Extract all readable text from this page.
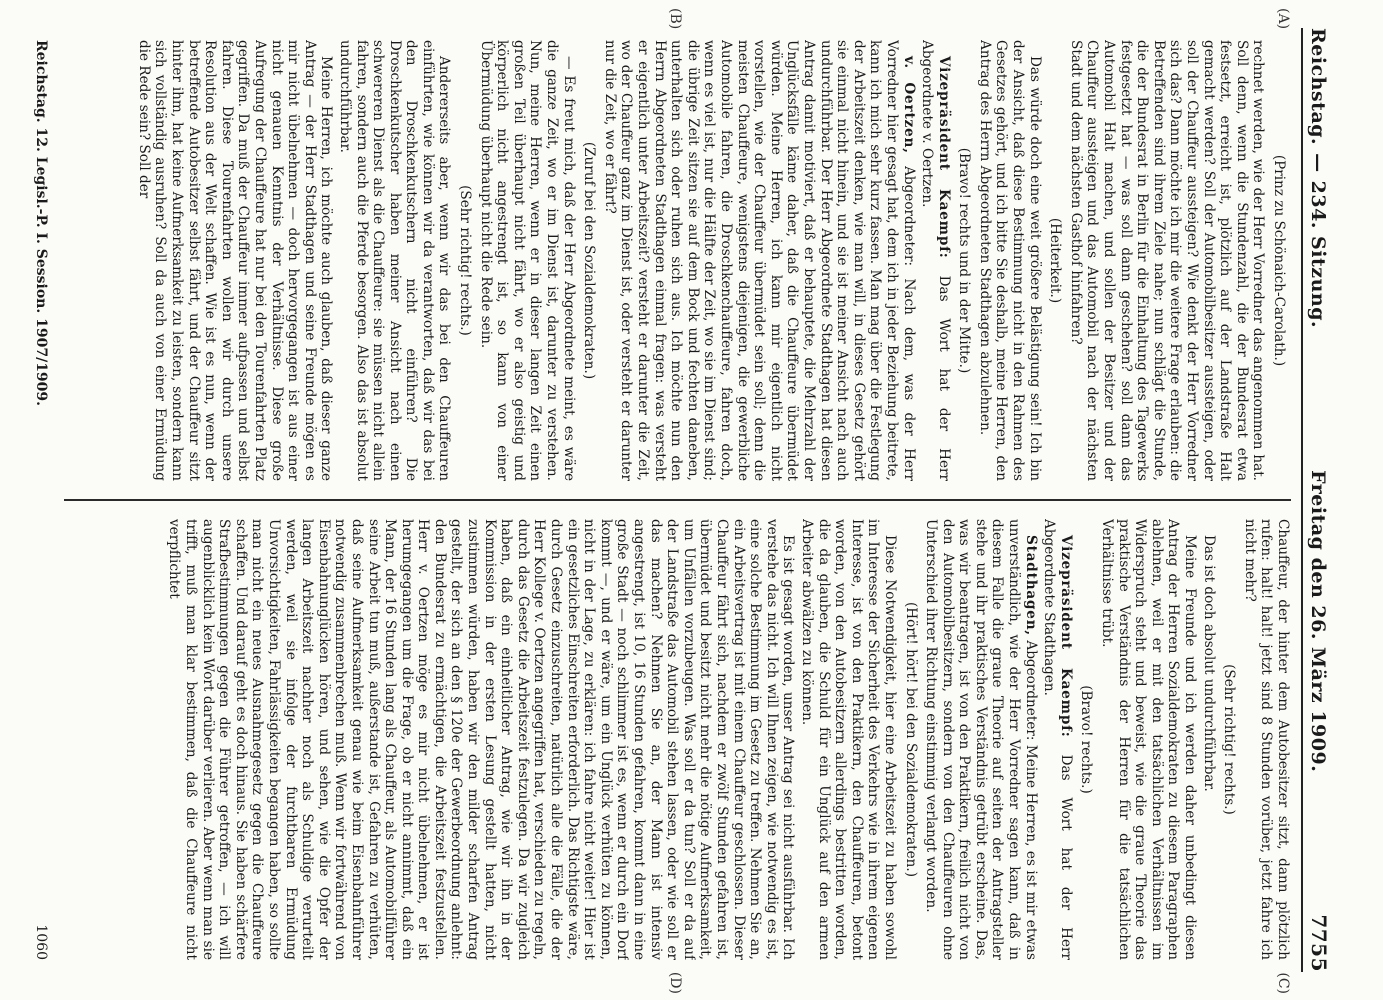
Reichstag.
—
234. Sitzung.
Freitag den 26. März 1909.
7755

(Prinz zu Schönaich-Carolath.)

rechnet werden, wie der Herr Vorredner das angenommen hat. Soll denn, wenn die Stundenzahl, die der Bundesrat etwa festsetzt, erreicht ist, plötzlich auf der Landstraße Halt gemacht werden? Soll der Automobilbesitzer aussteigen, oder soll der Chauffeur aussteigen? Wie denkt der Herr Vorredner sich das? Dann möchte ich mir die weitere Frage erlauben: die Betreffenden sind ihrem Ziele nahe; nun schlägt die Stunde, die der Bundesrat in Berlin für die Einhaltung des Tagewerks festgesetzt hat — was soll dann geschehen? soll dann das Automobil Halt machen, und sollen der Besitzer und der Chauffeur aussteigen und das Automobil nach der nächsten Stadt und dem nächsten Gasthof hinfahren?

(Heiterkeit.)

Das würde doch eine weit größere Belästigung sein! Ich bin der Ansicht, daß diese Bestimmung nicht in den Rahmen des Gesetzes gehört, und ich bitte Sie deshalb, meine Herren, den Antrag des Herrn Abgeordneten Stadthagen abzulehnen.

(Bravo! rechts und in der Mitte.)

Vizepräsident Kaempf: Das Wort hat der Herr Abgeordnete v. Oertzen.

v. Oertzen, Abgeordneter: Nach dem, was der Herr Vorredner hier gesagt hat, dem ich in jeder Beziehung beitrete, kann ich mich sehr kurz fassen. Man mag über die Festlegung der Arbeitszeit denken, wie man will, in dieses Gesetz gehört sie einmal nicht hinein, und sie ist meiner Ansicht nach auch undurchführbar. Der Herr Abgeordnete Stadthagen hat diesen Antrag damit motiviert, daß er behauptete, die Mehrzahl der Unglücksfälle käme daher, daß die Chauffeure übermüdet würden. Meine Herren, ich kann mir eigentlich nicht vorstellen, wie der Chauffeur übermüdet sein soll; denn die meisten Chauffeure, wenigstens diejenigen, die gewerbliche Automobile fahren, die Droschkenchauffeure, fahren doch, wenn es viel ist, nur die Hälfte der Zeit, wo sie im Dienst sind; die übrige Zeit sitzen sie auf dem Bock und fechten daneben, unterhalten sich oder ruhen sich aus. Ich möchte nun den Herrn Abgeordneten Stadthagen einmal fragen: was versteht er eigentlich unter Arbeitszeit? versteht er darunter die Zeit, wo der Chauffeur ganz im Dienst ist, oder versteht er darunter nur die Zeit, wo er fährt?

(Zuruf bei den Sozialdemokraten.)

— Es freut mich, daß der Herr Abgeordnete meint, es wäre die ganze Zeit, wo er im Dienst ist, darunter zu verstehen. Nun, meine Herren, wenn er in dieser langen Zeit einen großen Teil überhaupt nicht fährt, wo er also geistig und körperlich nicht angestrengt ist, so kann von einer Übermüdung überhaupt nicht die Rede sein.

(Sehr richtig! rechts.)

Andererseits aber, wenn wir das bei den Chauffeuren einführten, wie können wir da verantworten, daß wir das bei den Droschkenkutschern nicht einführen? Die Droschkenkutscher haben meiner Ansicht nach einen schwereren Dienst als die Chauffeure: sie müssen nicht allein fahren, sondern auch die Pferde besorgen. Also das ist absolut undurchführbar.

Meine Herren, ich möchte auch glauben, daß dieser ganze Antrag — der Herr Stadthagen und seine Freunde mögen es mir nicht übelnehmen — doch hervorgegangen ist aus einer nicht genauen Kenntnis der Verhältnisse. Diese große Aufregung der Chauffeure hat nur bei den Tourenfahrten Platz gegriffen. Da muß der Chauffeur immer aufpassen und selbst fahren. Diese Tourenfahrten wollen wir durch unsere Resolution aus der Welt schaffen. Wie ist es nun, wenn der betreffende Autobesitzer selbst fährt, und der Chauffeur sitzt hinter ihm, hat keine Aufmerksamkeit zu leisten, sondern kann sich vollständig ausruhen? Soll da auch von einer Ermüdung die Rede sein? Soll der

Chauffeur, der hinter dem Autobesitzer sitzt, dann plötzlich rufen: halt! halt! jetzt sind 8 Stunden vorüber, jetzt fahre ich nicht mehr?

(Sehr richtig! rechts.)

Das ist doch absolut undurchführbar.

Meine Freunde und ich werden daher unbedingt diesen Antrag der Herren Sozialdemokraten zu diesem Paragraphen ablehnen, weil er mit den tatsächlichen Verhältnissen im Widerspruch steht und beweist, wie die graue Theorie das praktische Verständnis der Herren für die tatsächlichen Verhältnisse trübt.

(Bravo! rechts.)

Vizepräsident Kaempf: Das Wort hat der Herr Abgeordnete Stadthagen.

Stadthagen, Abgeordneter: Meine Herren, es ist mir etwas unverständlich, wie der Herr Vorredner sagen kann, daß in diesem Falle die graue Theorie auf seiten der Antragsteller stehe und ihr praktisches Verständnis getrübt erscheine. Das, was wir beantragen, ist von den Praktikern, freilich nicht von den Automobilbesitzern, sondern von den Chauffeuren ohne Unterschied ihrer Richtung einstimmig verlangt worden.

(Hört! hört! bei den Sozialdemokraten.)

Diese Notwendigkeit, hier eine Arbeitszeit zu haben sowohl im Interesse der Sicherheit des Verkehrs wie in ihrem eigenen Interesse, ist von den Praktikern, den Chauffeuren, betont worden, von den Autobesitzern allerdings bestritten worden, die da glauben, die Schuld für ein Unglück auf den armen Arbeiter abwälzen zu können.

Es ist gesagt worden, unser Antrag sei nicht ausführbar. Ich verstehe das nicht. Ich will Ihnen zeigen, wie notwendig es ist, eine solche Bestimmung im Gesetz zu treffen. Nehmen Sie an, ein Arbeitsvertrag ist mit einem Chauffeur geschlossen. Dieser Chauffeur fährt sich, nachdem er zwölf Stunden gefahren ist, übermüdet und besitzt nicht mehr die nötige Aufmerksamkeit, um Unfällen vorzubeugen. Was soll er da tun? Soll er da auf der Landstraße das Automobil stehen lassen, oder wie soll er das machen? Nehmen Sie an, der Mann ist intensiv angestrengt, ist 10, 16 Stunden gefahren, kommt dann in eine große Stadt — noch schlimmer ist es, wenn er durch ein Dorf kommt —, und er wäre, um ein Unglück verhüten zu können, nicht in der Lage, zu erklären: ich fahre nicht weiter! Hier ist ein gesetzliches Einschreiten erforderlich. Das Richtigste wäre, durch Gesetz einzuschreiten, natürlich alle die Fälle, die der Herr Kollege v. Oertzen angegriffen hat, verschieden zu regeln, durch das Gesetz die Arbeitszeit festzulegen. Da wir zugleich haben, daß ein einheitlicher Antrag, wie wir ihn in der Kommission in der ersten Lesung gestellt hatten, nicht zustimmen würden, haben wir den milder scharfen Antrag gestellt, der sich an den § 120e der Gewerbeordnung anlehnt: den Bundesrat zu ermächtigen, die Arbeitszeit festzustellen. Herr v. Oertzen möge es mir nicht übelnehmen, er ist herumgegangen um die Frage, ob er nicht annimmt, daß ein Mann, der 16 Stunden lang als Chauffeur, als Automobilführer seine Arbeit tun muß, außerstande ist, Gefahren zu verhüten, daß seine Aufmerksamkeit genau wie beim Eisenbahnführer notwendig zusammenbrechen muß. Wenn wir fortwährend von Eisenbahnunglücken hören, und sehen, wie die Opfer der langen Arbeitszeit nachher noch als Schuldige verurteilt werden, weil sie infolge der furchtbaren Ermüdung Unvorsichtigkeiten, Fahrlässigkeiten begangen haben, so sollte man nicht ein neues Ausnahmegesetz gegen die Chauffeure schaffen. Und darauf geht es doch hinaus. Sie haben schärfere Strafbestimmungen gegen die Führer getroffen, — ich will augenblicklich kein Wort darüber verlieren. Aber wenn man sie trifft, muß man klar bestimmen, daß die Chauffeure nicht verpflichtet

(A)
(B)
(C)
(D)
Reichstag. 12. Legisl.-P. I. Session. 1907/1909.
1060
